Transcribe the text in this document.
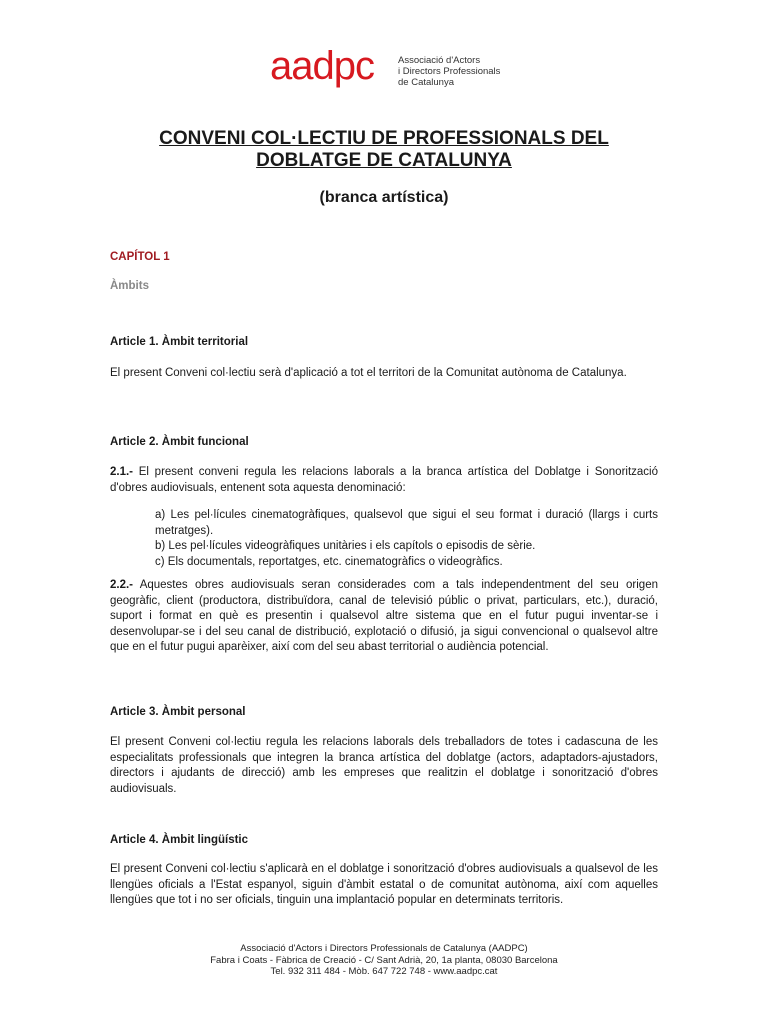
aadpc	Associació d'Actors
i Directors Professionals
de Catalunya
CONVENI COL·LECTIU DE PROFESSIONALS DEL
DOBLATGE DE CATALUNYA
(branca artística)
CAPÍTOL 1
Àmbits
Article 1. Àmbit territorial
El present Conveni col·lectiu serà d'aplicació a tot el territori de la Comunitat autònoma de Catalunya.
Article 2. Àmbit funcional
2.1.- El present conveni regula les relacions laborals a la branca artística del Doblatge i Sonorització d'obres audiovisuals, entenent sota aquesta denominació:
a) Les pel·lícules cinematogràfiques, qualsevol que sigui el seu format i duració (llargs i curts metratges).
b) Les pel·lícules videogràfiques unitàries i els capítols o episodis de sèrie.
c) Els documentals, reportatges, etc. cinematogràfics o videogràfics.
2.2.- Aquestes obres audiovisuals seran considerades com a tals independentment del seu origen geogràfic, client (productora, distribuïdora, canal de televisió públic o privat, particulars, etc.), duració, suport i format en què es presentin i qualsevol altre sistema que en el futur pugui inventar-se i desenvolupar-se i del seu canal de distribució, explotació o difusió, ja sigui convencional o qualsevol altre que en el futur pugui aparèixer, així com del seu abast territorial o audiència potencial.
Article 3. Àmbit personal
El present Conveni col·lectiu regula les relacions laborals dels treballadors de totes i cadascuna de les especialitats professionals que integren la branca artística del doblatge (actors, adaptadors-ajustadors, directors i ajudants de direcció) amb les empreses que realitzin el doblatge i sonorització d'obres audiovisuals.
Article 4. Àmbit lingüístic
El present Conveni col·lectiu s'aplicarà en el doblatge i sonorització d'obres audiovisuals a qualsevol de les llengües oficials a l'Estat espanyol, siguin d'àmbit estatal o de comunitat autònoma, així com aquelles llengües que tot i no ser oficials, tinguin una implantació popular en determinats territoris.
Associació d'Actors i Directors Professionals de Catalunya (AADPC)
Fabra i Coats - Fàbrica de Creació - C/ Sant Adrià, 20, 1a planta, 08030 Barcelona
Tel. 932 311 484 - Mòb. 647 722 748 - www.aadpc.cat
